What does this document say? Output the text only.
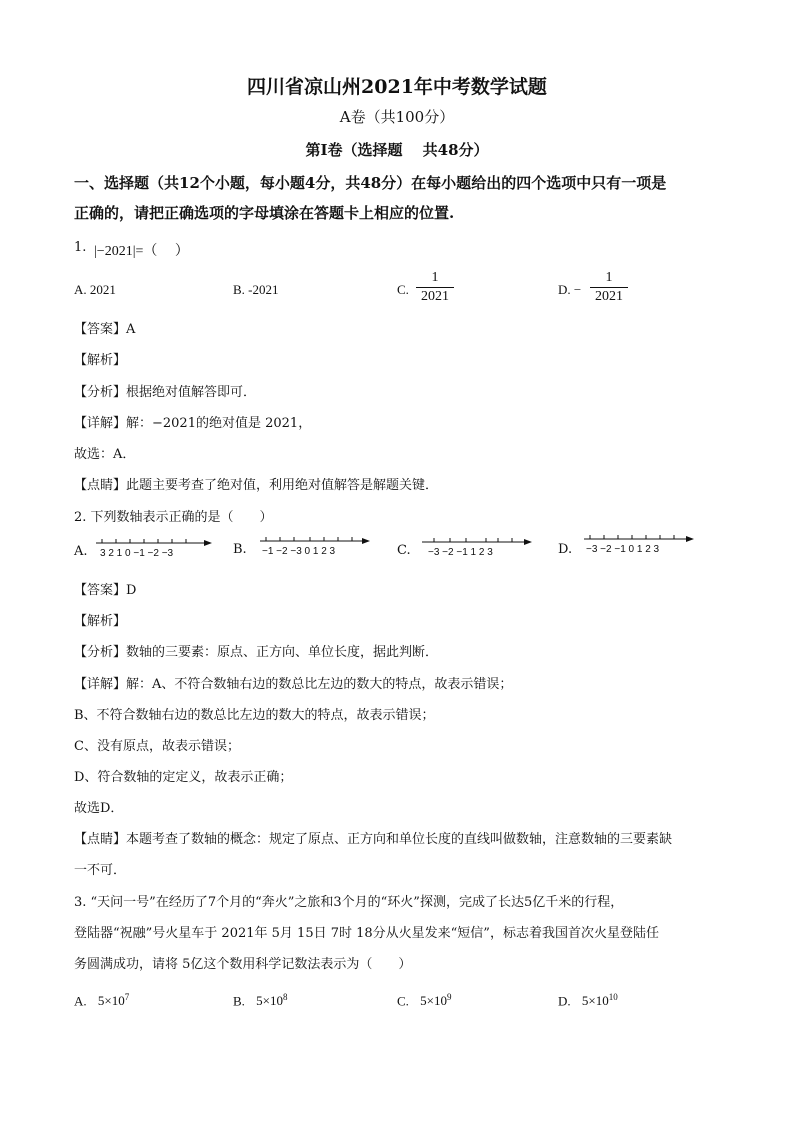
四川省凉山州2021年中考数学试题
A卷（共100分）
第I卷（选择题　 共48分）
一、选择题（共12个小题，每小题4分，共48分）在每小题给出的四个选项中只有一项是
正确的，请把正确选项的字母填涂在答题卡上相应的位置.
1. |−2021|=（　 ）
A. 2021	B. -2021	C.
1
2021	D. −
1
2021
【答案】A
【解析】
【分析】根据绝对值解答即可．
【详解】解：−2021的绝对值是 2021，
故选：A．
【点睛】此题主要考查了绝对值，利用绝对值解答是解题关键．
2. 下列数轴表示正确的是（　　）
A. 3 2 1 0 −1 −2 −3	B. −1 −2 −3 0 1 2 3	C. −3 −2 −1 1 2 3	D. −3 −2 −1 0 1 2 3
【答案】D
【解析】
【分析】数轴的三要素：原点、正方向、单位长度，据此判断．
【详解】解：A、不符合数轴右边的数总比左边的数大的特点，故表示错误；
B、不符合数轴右边的数总比左边的数大的特点，故表示错误；
C、没有原点，故表示错误；
D、符合数轴的定定义，故表示正确；
故选D．
【点睛】本题考查了数轴的概念：规定了原点、正方向和单位长度的直线叫做数轴，注意数轴的三要素缺
一不可．
3. “天问一号”在经历了7个月的“奔火”之旅和3个月的“环火”探测，完成了长达5亿千米的行程，
登陆器“祝融”号火星车于 2021年 5月 15日 7时 18分从火星发来“短信”，标志着我国首次火星登陆任
务圆满成功，请将 5亿这个数用科学记数法表示为（　　）
A. $5\times 10^7$	B. $5\times 10^8$	C. $5\times 10^9$	D. $5\times 10^{10}$
